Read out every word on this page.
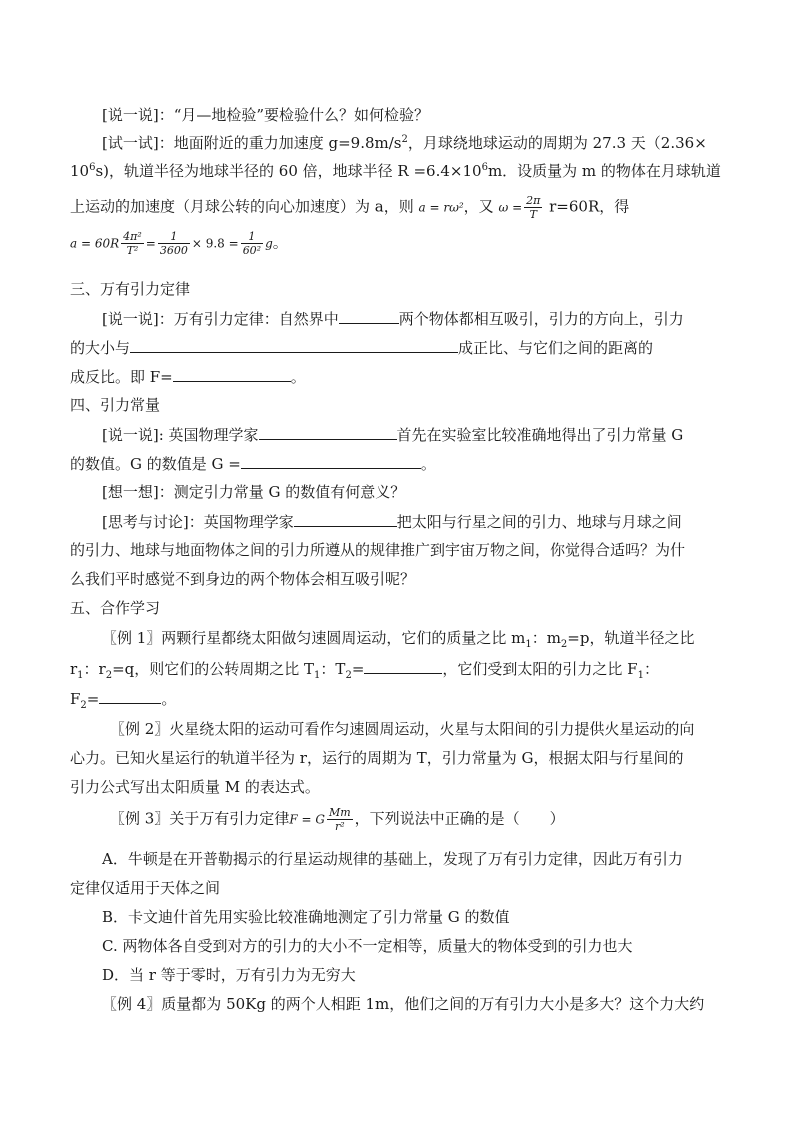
[说一说]：“月—地检验”要检验什么？如何检验？
[试一试]：地面附近的重力加速度 $g=9.8m/s^2$，月球绕地球运动的周期为 27.3 天（2.36×
$10^6s$)，轨道半径为地球半径的 60 倍，地球半径 $R =6.4\times 10^6m$．设质量为 m 的物体在月球轨道
上运动的加速度（月球公转的向心加速度）为 a，则 a = rω²，又 $\omega = \frac{2\pi}{T} r=60R$，得
$a = 60R \frac{\text{4π²}}{\text{T²}} = \frac{1}{3600} \times 9.8 = \frac{1}{\text{60²}}$ g。
三、万有引力定律
[说一说]：万有引力定律：自然界中	两个物体都相互吸引，引力的方向上，引力
的大小与	成正比、与它们之间的距离的
成反比。即 F=	。
四、引力常量
[说一说]: 英国物理学家	首先在实验室比较准确地得出了引力常量 G
的数值。G 的数值是 G =	。
[想一想]：测定引力常量 G 的数值有何意义？
[思考与讨论]：英国物理学家	把太阳与行星之间的引力、地球与月球之间
的引力、地球与地面物体之间的引力所遵从的规律推广到宇宙万物之间，你觉得合适吗？为什
么我们平时感觉不到身边的两个物体会相互吸引呢？
五、合作学习
〖例 1〗两颗行星都绕太阳做匀速圆周运动，它们的质量之比 $m_1$：$m_2=p$，轨道半径之比
$r_1$：$r_2=q$，则它们的公转周期之比 $T_1$：$T_2=$	，它们受到太阳的引力之比 $F_1$：
$F_2=$	。
〖例 2〗火星绕太阳的运动可看作匀速圆周运动，火星与太阳间的引力提供火星运动的向
心力。已知火星运行的轨道半径为 r，运行的周期为 T，引力常量为 G，根据太阳与行星间的
引力公式写出太阳质量 M 的表达式。
〖例 3〗关于万有引力定律F = G $\frac{Mm}{\text{r²}}$ ，下列说法中正确的是（　　）
A．牛顿是在开普勒揭示的行星运动规律的基础上，发现了万有引力定律，因此万有引力
定律仅适用于天体之间
B．卡文迪什首先用实验比较准确地测定了引力常量 G 的数值
C. 两物体各自受到对方的引力的大小不一定相等，质量大的物体受到的引力也大
D．当 r 等于零时，万有引力为无穷大
〖例 4〗质量都为 50Kg 的两个人相距 1m，他们之间的万有引力大小是多大？这个力大约
